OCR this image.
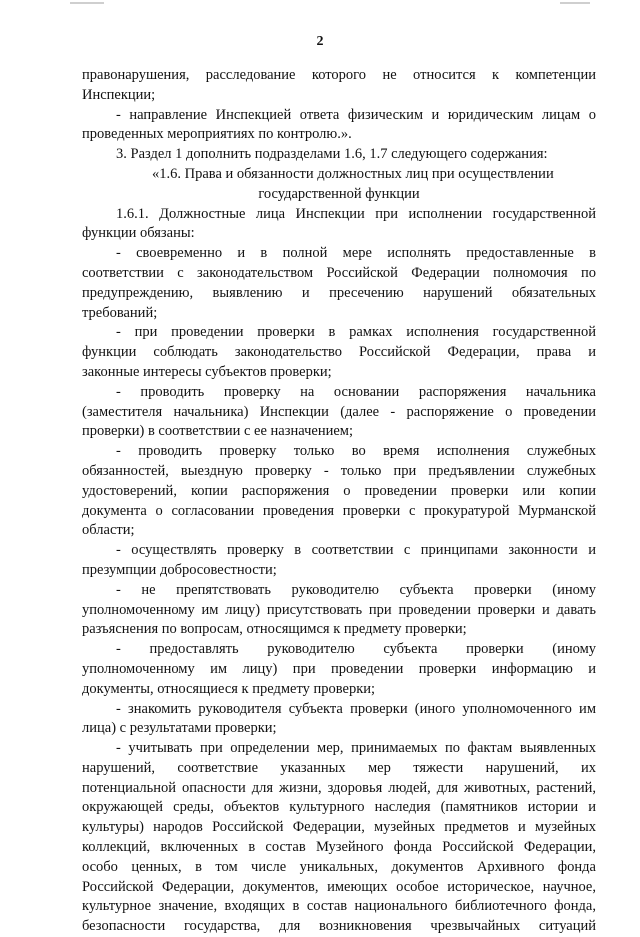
2
правонарушения, расследование которого не относится к компетенции
Инспекции;
- направление Инспекцией ответа физическим и юридическим лицам о
проведенных мероприятиях по контролю.».
3. Раздел 1 дополнить подразделами 1.6, 1.7 следующего содержания:
«1.6. Права и обязанности должностных лиц при осуществлении
государственной функции
1.6.1. Должностные лица Инспекции при исполнении государственной
функции обязаны:
- своевременно и в полной мере исполнять предоставленные в
соответствии с законодательством Российской Федерации полномочия по
предупреждению, выявлению и пресечению нарушений обязательных
требований;
- при проведении проверки в рамках исполнения государственной
функции соблюдать законодательство Российской Федерации, права и
законные интересы субъектов проверки;
- проводить проверку на основании распоряжения начальника
(заместителя начальника) Инспекции (далее - распоряжение о проведении
проверки) в соответствии с ее назначением;
- проводить проверку только во время исполнения служебных
обязанностей, выездную проверку - только при предъявлении служебных
удостоверений, копии распоряжения о проведении проверки или копии
документа о согласовании проведения проверки с прокуратурой Мурманской
области;
- осуществлять проверку в соответствии с принципами законности и
презумпции добросовестности;
- не препятствовать руководителю субъекта проверки (иному
уполномоченному им лицу) присутствовать при проведении проверки и давать
разъяснения по вопросам, относящимся к предмету проверки;
- предоставлять руководителю субъекта проверки (иному
уполномоченному им лицу) при проведении проверки информацию и
документы, относящиеся к предмету проверки;
- знакомить руководителя субъекта проверки (иного уполномоченного им
лица) с результатами проверки;
- учитывать при определении мер, принимаемых по фактам выявленных
нарушений, соответствие указанных мер тяжести нарушений, их
потенциальной опасности для жизни, здоровья людей, для животных, растений,
окружающей среды, объектов культурного наследия (памятников истории и
культуры) народов Российской Федерации, музейных предметов и музейных
коллекций, включенных в состав Музейного фонда Российской Федерации,
особо ценных, в том числе уникальных, документов Архивного фонда
Российской Федерации, документов, имеющих особое историческое, научное,
культурное значение, входящих в состав национального библиотечного фонда,
безопасности государства, для возникновения чрезвычайных ситуаций
